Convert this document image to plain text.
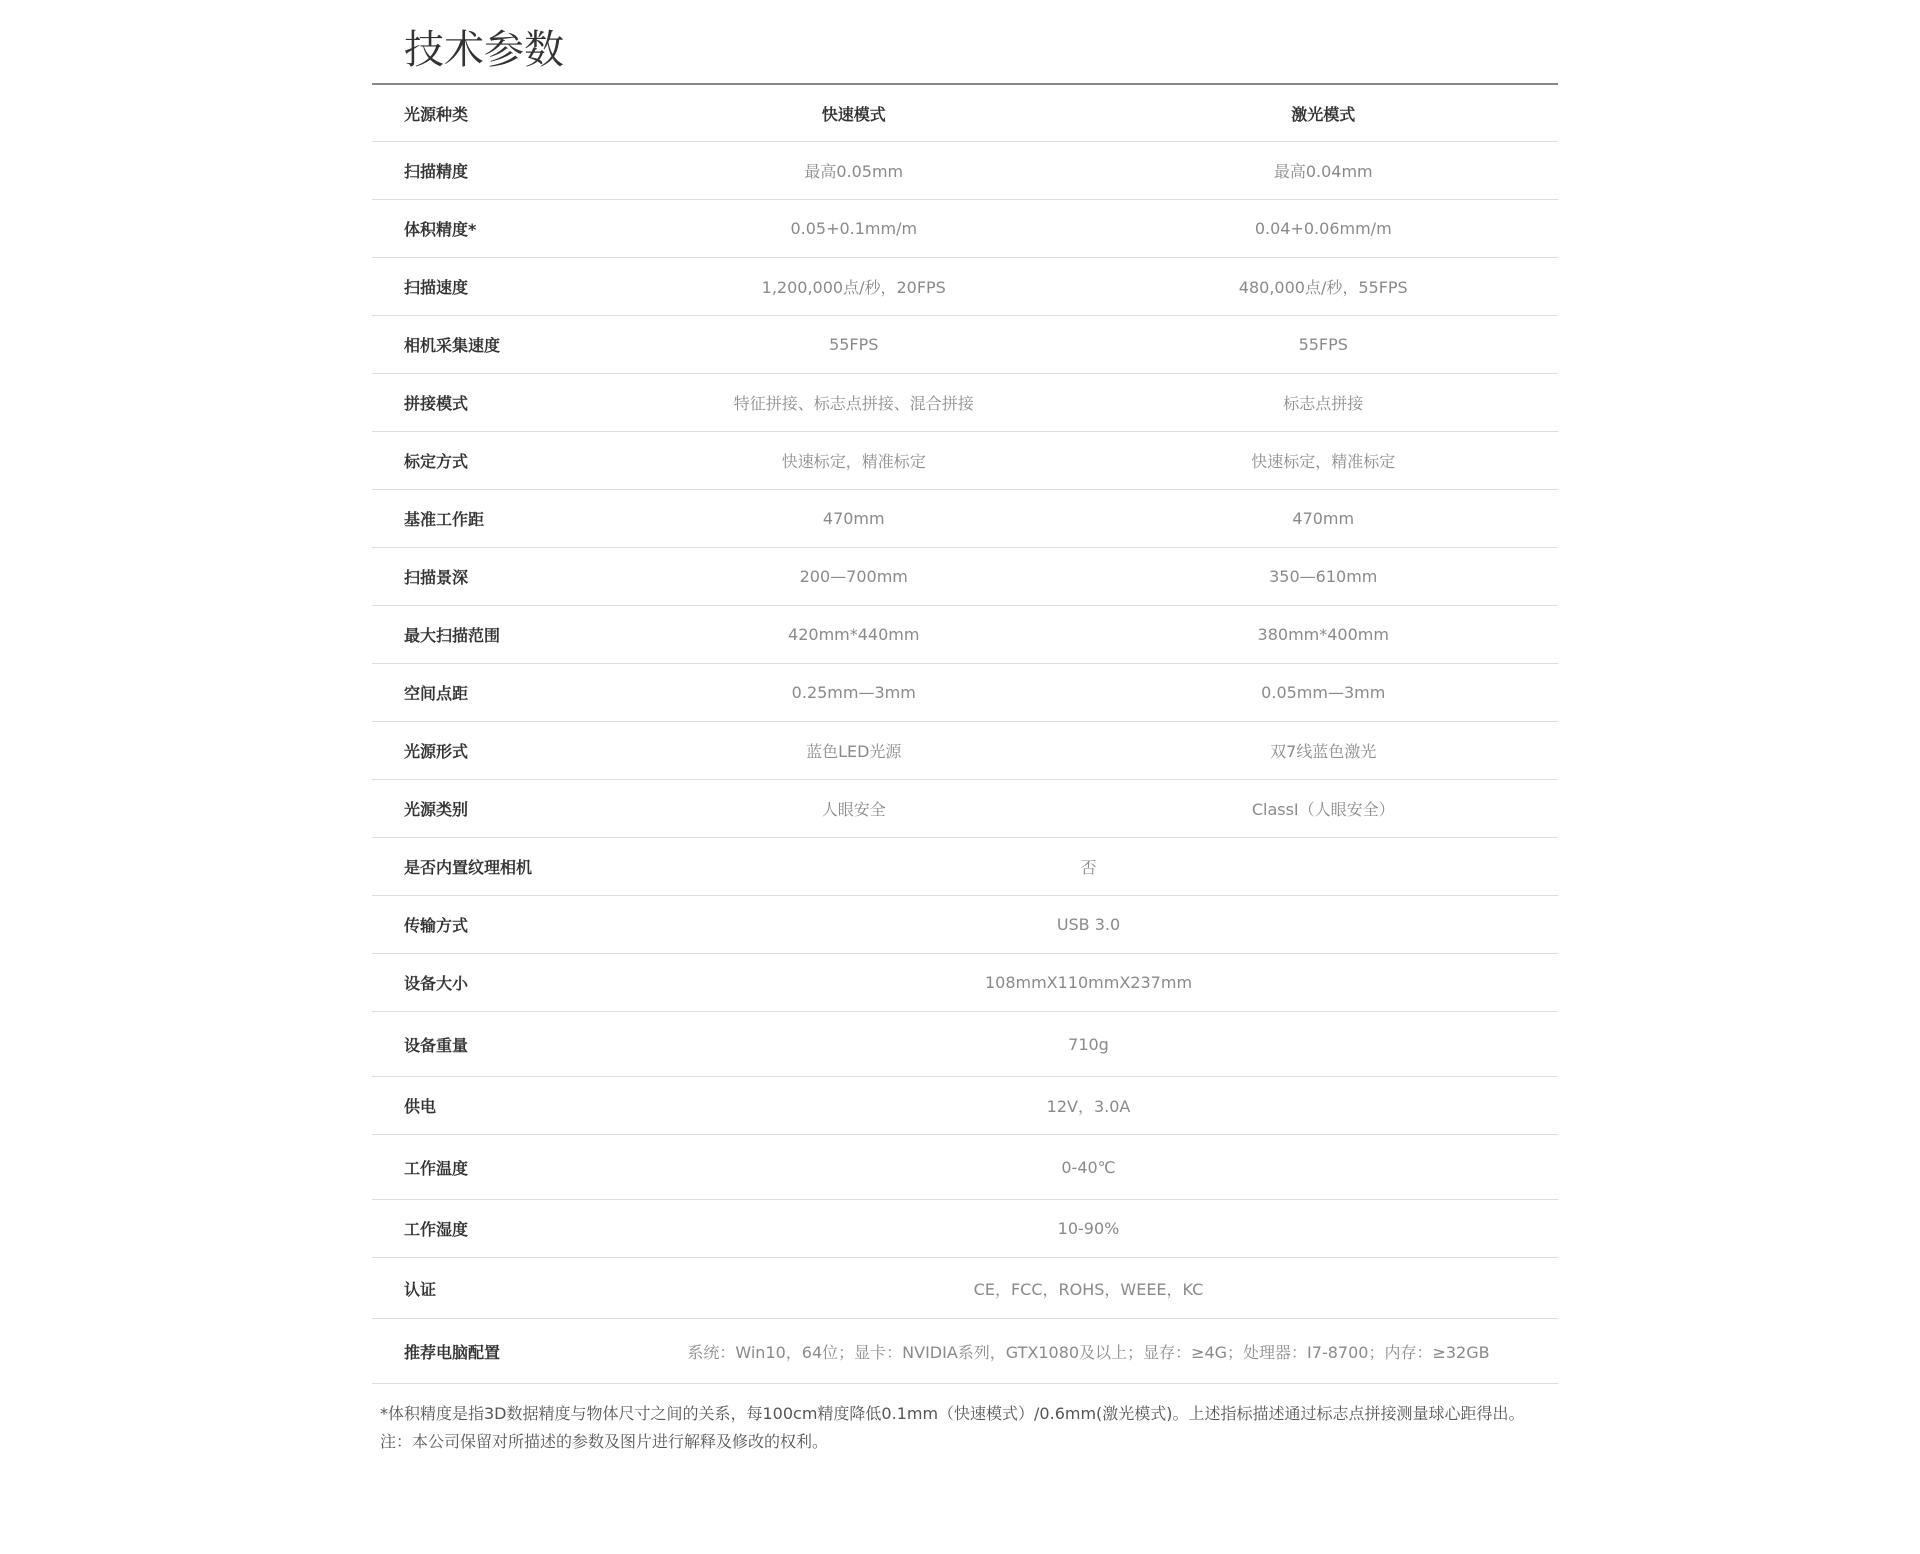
技术参数
光源种类	快速模式	激光模式
扫描精度	最高0.05mm	最高0.04mm
体积精度*	0.05+0.1mm/m	0.04+0.06mm/m
扫描速度	1,200,000点/秒，20FPS	480,000点/秒，55FPS
相机采集速度	55FPS	55FPS
拼接模式	特征拼接、标志点拼接、混合拼接	标志点拼接
标定方式	快速标定，精准标定	快速标定，精准标定
基准工作距	470mm	470mm
扫描景深	200—700mm	350—610mm
最大扫描范围	420mm*440mm	380mm*400mm
空间点距	0.25mm—3mm	0.05mm—3mm
光源形式	蓝色LED光源	双7线蓝色激光
光源类别	人眼安全	ClassⅠ（人眼安全）
是否内置纹理相机	否	
传输方式	USB 3.0	
设备大小	108mmX110mmX237mm	
设备重量	710g	
供电	12V，3.0A	
工作温度	0-40℃	
工作湿度	10-90%	
认证	CE，FCC，ROHS，WEEE，KC	
推荐电脑配置	系统：Win10，64位；显卡：NVIDIA系列，GTX1080及以上；显存：≥4G；处理器：I7-8700；内存：≥32GB	

*体积精度是指3D数据精度与物体尺寸之间的关系，每100cm精度降低0.1mm（快速模式）/0.6mm(激光模式)。上述指标描述通过标志点拼接测量球心距得出。

注：本公司保留对所描述的参数及图片进行解释及修改的权利。
